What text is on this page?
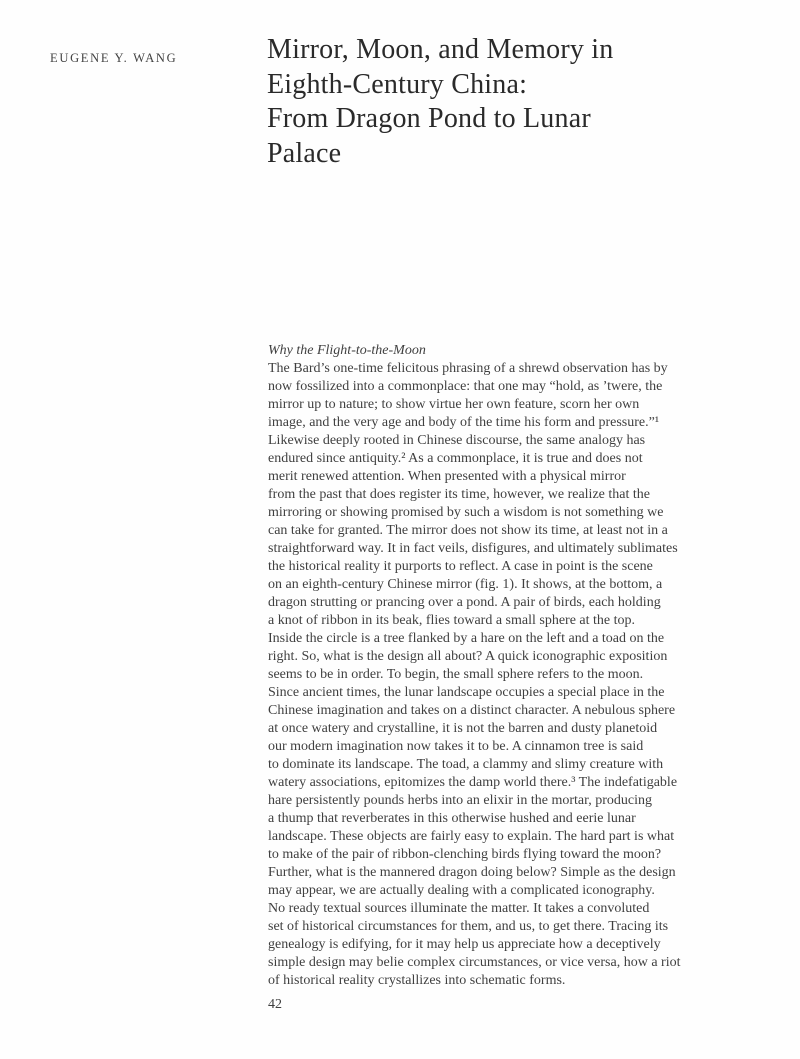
EUGENE Y. WANG	Mirror, Moon, and Memory in
Eighth-Century China:
From Dragon Pond to Lunar
Palace
Why the Flight-to-the-Moon
The Bard’s one-time felicitous phrasing of a shrewd observation has by
now fossilized into a commonplace: that one may “hold, as ’twere, the
mirror up to nature; to show virtue her own feature, scorn her own
image, and the very age and body of the time his form and pressure.”¹
Likewise deeply rooted in Chinese discourse, the same analogy has
endured since antiquity.² As a commonplace, it is true and does not
merit renewed attention. When presented with a physical mirror
from the past that does register its time, however, we realize that the
mirroring or showing promised by such a wisdom is not something we
can take for granted. The mirror does not show its time, at least not in a
straightforward way. It in fact veils, disfigures, and ultimately sublimates
the historical reality it purports to reflect. A case in point is the scene
on an eighth-century Chinese mirror (fig. 1). It shows, at the bottom, a
dragon strutting or prancing over a pond. A pair of birds, each holding
a knot of ribbon in its beak, flies toward a small sphere at the top.
Inside the circle is a tree flanked by a hare on the left and a toad on the
right. So, what is the design all about? A quick iconographic exposition
seems to be in order. To begin, the small sphere refers to the moon.
Since ancient times, the lunar landscape occupies a special place in the
Chinese imagination and takes on a distinct character. A nebulous sphere
at once watery and crystalline, it is not the barren and dusty planetoid
our modern imagination now takes it to be. A cinnamon tree is said
to dominate its landscape. The toad, a clammy and slimy creature with
watery associations, epitomizes the damp world there.³ The indefatigable
hare persistently pounds herbs into an elixir in the mortar, producing
a thump that reverberates in this otherwise hushed and eerie lunar
landscape. These objects are fairly easy to explain. The hard part is what
to make of the pair of ribbon-clenching birds flying toward the moon?
Further, what is the mannered dragon doing below? Simple as the design
may appear, we are actually dealing with a complicated iconography.
No ready textual sources illuminate the matter. It takes a convoluted
set of historical circumstances for them, and us, to get there. Tracing its
genealogy is edifying, for it may help us appreciate how a deceptively
simple design may belie complex circumstances, or vice versa, how a riot
of historical reality crystallizes into schematic forms.
42
